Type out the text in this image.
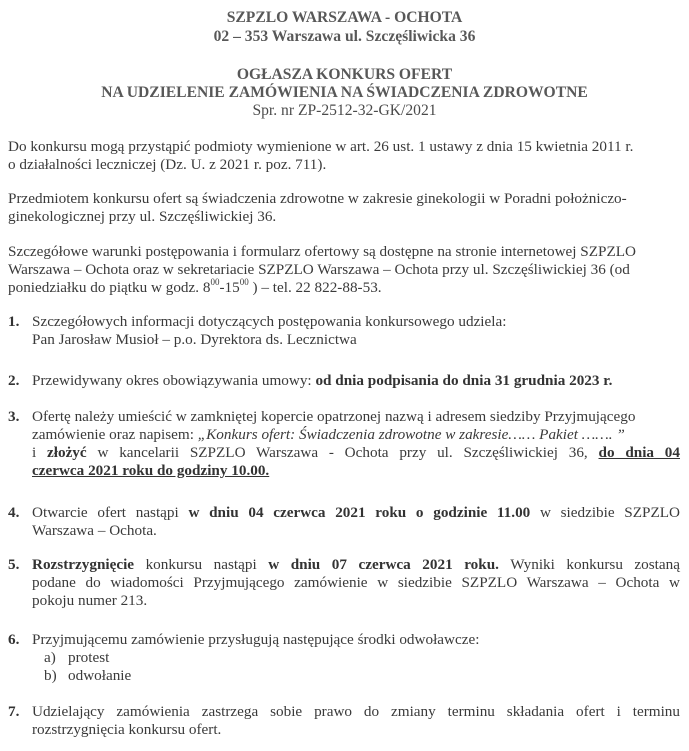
SZPZLO WARSZAWA - OCHOTA
02 – 353 Warszawa ul. Szczęśliwicka 36
OGŁASZA KONKURS OFERT
NA UDZIELENIE ZAMÓWIENIA NA ŚWIADCZENIA ZDROWOTNE
Spr. nr ZP-2512-32-GK/2021
Do konkursu mogą przystąpić podmioty wymienione w art. 26 ust. 1 ustawy z dnia 15 kwietnia 2011 r.
o działalności leczniczej (Dz. U. z 2021 r. poz. 711).
Przedmiotem konkursu ofert są świadczenia zdrowotne w zakresie ginekologii w Poradni położniczo-
ginekologicznej przy ul. Szczęśliwickiej 36.
Szczegółowe warunki postępowania i formularz ofertowy są dostępne na stronie internetowej SZPZLO
Warszawa – Ochota oraz w sekretariacie SZPZLO Warszawa – Ochota przy ul. Szczęśliwickiej 36 (od
poniedziałku do piątku w godz. $8^{00}-15^{00}$ ) – tel. 22 822-88-53.
1. Szczegółowych informacji dotyczących postępowania konkursowego udziela:
Pan Jarosław Musioł – p.o. Dyrektora ds. Lecznictwa
2. Przewidywany okres obowiązywania umowy: od dnia podpisania do dnia 31 grudnia 2023 r.
3. Ofertę należy umieścić w zamkniętej kopercie opatrzonej nazwą i adresem siedziby Przyjmującego
zamówienie oraz napisem: „Konkurs ofert: Świadczenia zdrowotne w zakresie…… Pakiet ……. ”
i złożyć w kancelarii SZPZLO Warszawa - Ochota przy ul. Szczęśliwickiej 36, do dnia 04
czerwca 2021 roku do godziny 10.00.
4. Otwarcie ofert nastąpi w dniu 04 czerwca 2021 roku o godzinie 11.00 w siedzibie SZPZLO
Warszawa – Ochota.
5. Rozstrzygnięcie konkursu nastąpi w dniu 07 czerwca 2021 roku. Wyniki konkursu zostaną
podane do wiadomości Przyjmującego zamówienie w siedzibie SZPZLO Warszawa – Ochota w
pokoju numer 213.
6. Przyjmującemu zamówienie przysługują następujące środki odwoławcze:
a) protest
b) odwołanie
7. Udzielający zamówienia zastrzega sobie prawo do zmiany terminu składania ofert i terminu
rozstrzygnięcia konkursu ofert.
